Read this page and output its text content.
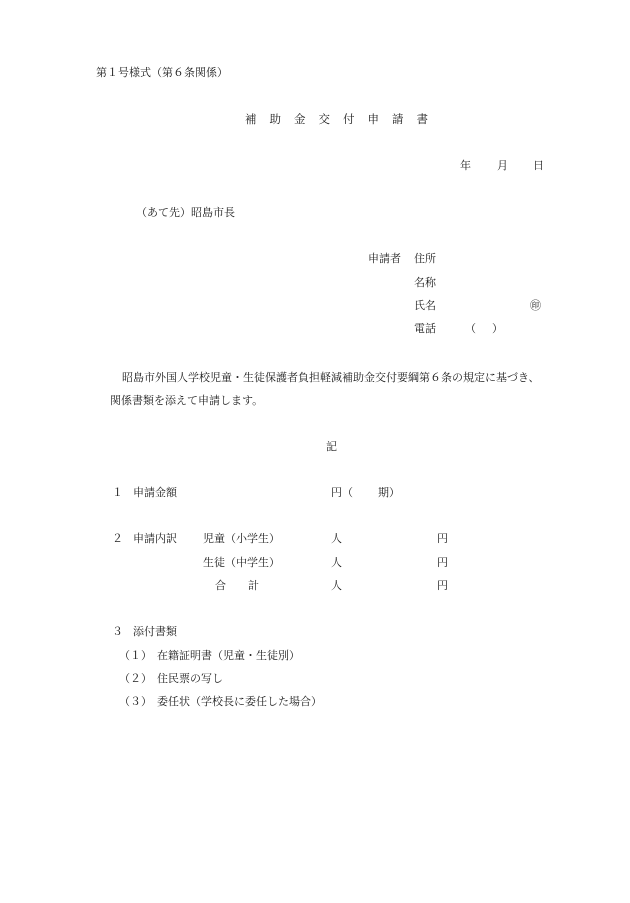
第１号様式（第６条関係）
補助金交付申請書
年 月 日
（あて先）昭島市長
申請者 住所
名称
氏名	㊞
電話	（ ）
昭島市外国人学校児童・生徒保護者負担軽減補助金交付要綱第６条の規定に基づき、
関係書類を添えて申請します。
記
１ 申請金額	円（ 期）
２ 申請内訳 児童（小学生）	人	円
生徒（中学生）	人	円
合　　計	人	円
３ 添付書類
（１） 在籍証明書（児童・生徒別）
（２） 住民票の写し
（３） 委任状（学校長に委任した場合）
